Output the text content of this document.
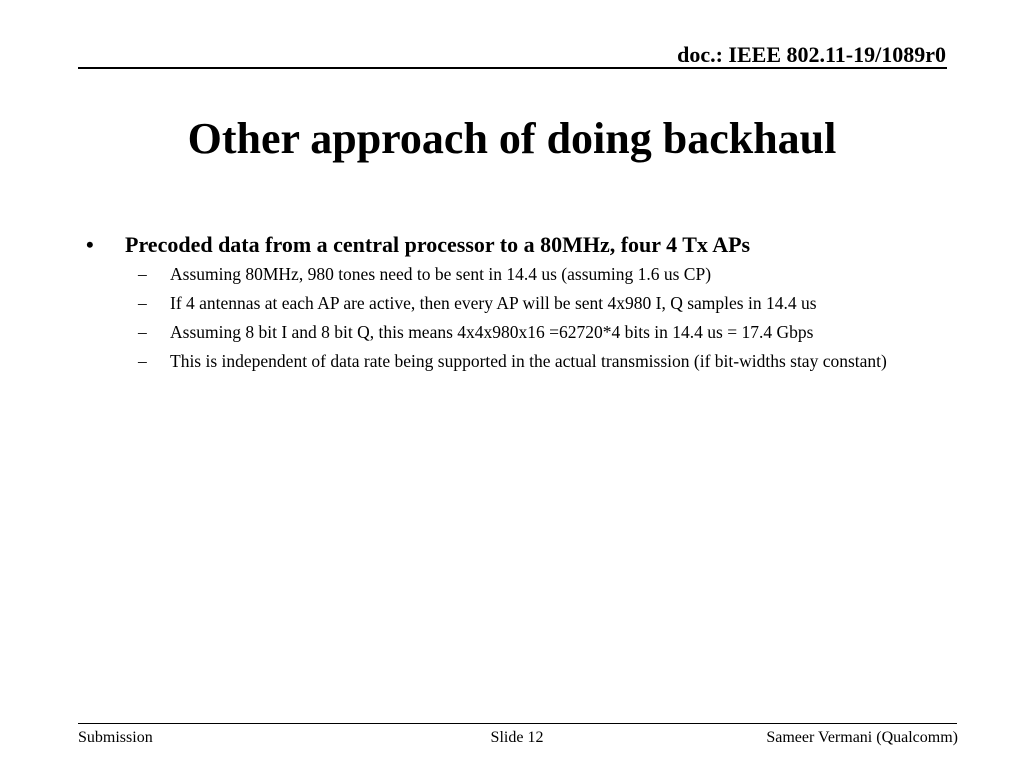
doc.: IEEE 802.11-19/1089r0
Other approach of doing backhaul
• Precoded data from a central processor to a 80MHz, four 4 Tx APs
– Assuming 80MHz, 980 tones need to be sent in 14.4 us (assuming 1.6 us CP)
– If 4 antennas at each AP are active, then every AP will be sent 4x980 I, Q samples in 14.4 us
– Assuming 8 bit I and 8 bit Q, this means 4x4x980x16 =62720*4 bits in 14.4 us = 17.4 Gbps
– This is independent of data rate being supported in the actual transmission (if bit-widths stay constant)
Submission	Slide 12	Sameer Vermani (Qualcomm)
